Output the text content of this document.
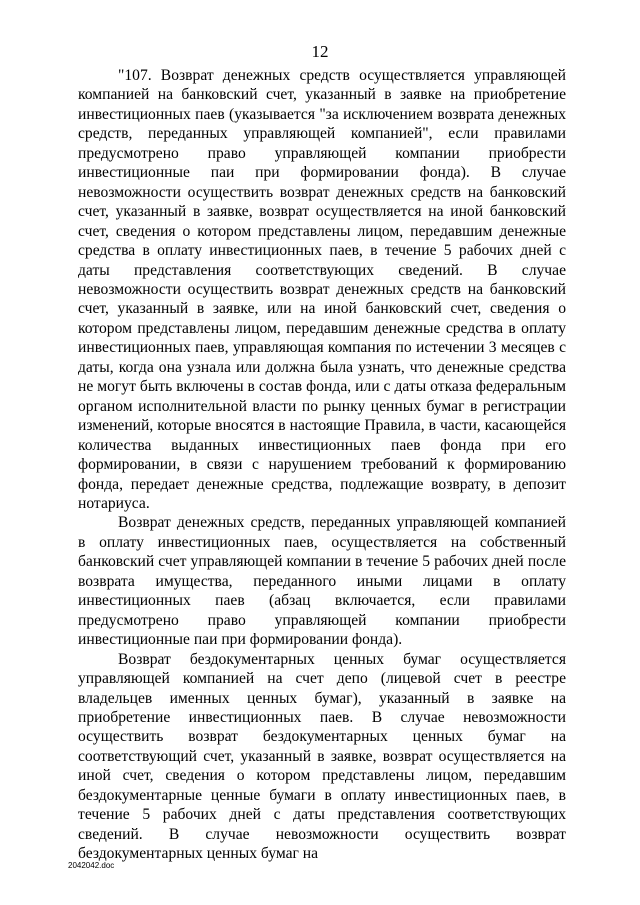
12

"107. Возврат денежных средств осуществляется управляющей компанией на банковский счет, указанный в заявке на приобретение инвестиционных паев (указывается "за исключением возврата денежных средств, переданных управляющей компанией", если правилами предусмотрено право управляющей компании приобрести инвестиционные паи при формировании фонда). В случае невозможности осуществить возврат денежных средств на банковский счет, указанный в заявке, возврат осуществляется на иной банковский счет, сведения о котором представлены лицом, передавшим денежные средства в оплату инвестиционных паев, в течение 5 рабочих дней с даты представления соответствующих сведений. В случае невозможности осуществить возврат денежных средств на банковский счет, указанный в заявке, или на иной банковский счет, сведения о котором представлены лицом, передавшим денежные средства в оплату инвестиционных паев, управляющая компания по истечении 3 месяцев с даты, когда она узнала или должна была узнать, что денежные средства не могут быть включены в состав фонда, или с даты отказа федеральным органом исполнительной власти по рынку ценных бумаг в регистрации изменений, которые вносятся в настоящие Правила, в части, касающейся количества выданных инвестиционных паев фонда при его формировании, в связи с нарушением требований к формированию фонда, передает денежные средства, подлежащие возврату, в депозит нотариуса.

Возврат денежных средств, переданных управляющей компанией в оплату инвестиционных паев, осуществляется на собственный банковский счет управляющей компании в течение 5 рабочих дней после возврата имущества, переданного иными лицами в оплату инвестиционных паев (абзац включается, если правилами предусмотрено право управляющей компании приобрести инвестиционные паи при формировании фонда).

Возврат бездокументарных ценных бумаг осуществляется управляющей компанией на счет депо (лицевой счет в реестре владельцев именных ценных бумаг), указанный в заявке на приобретение инвестиционных паев. В случае невозможности осуществить возврат бездокументарных ценных бумаг на соответствующий счет, указанный в заявке, возврат осуществляется на иной счет, сведения о котором представлены лицом, передавшим бездокументарные ценные бумаги в оплату инвестиционных паев, в течение 5 рабочих дней с даты представления соответствующих сведений. В случае невозможности осуществить возврат бездокументарных ценных бумаг на

2042042.doc
